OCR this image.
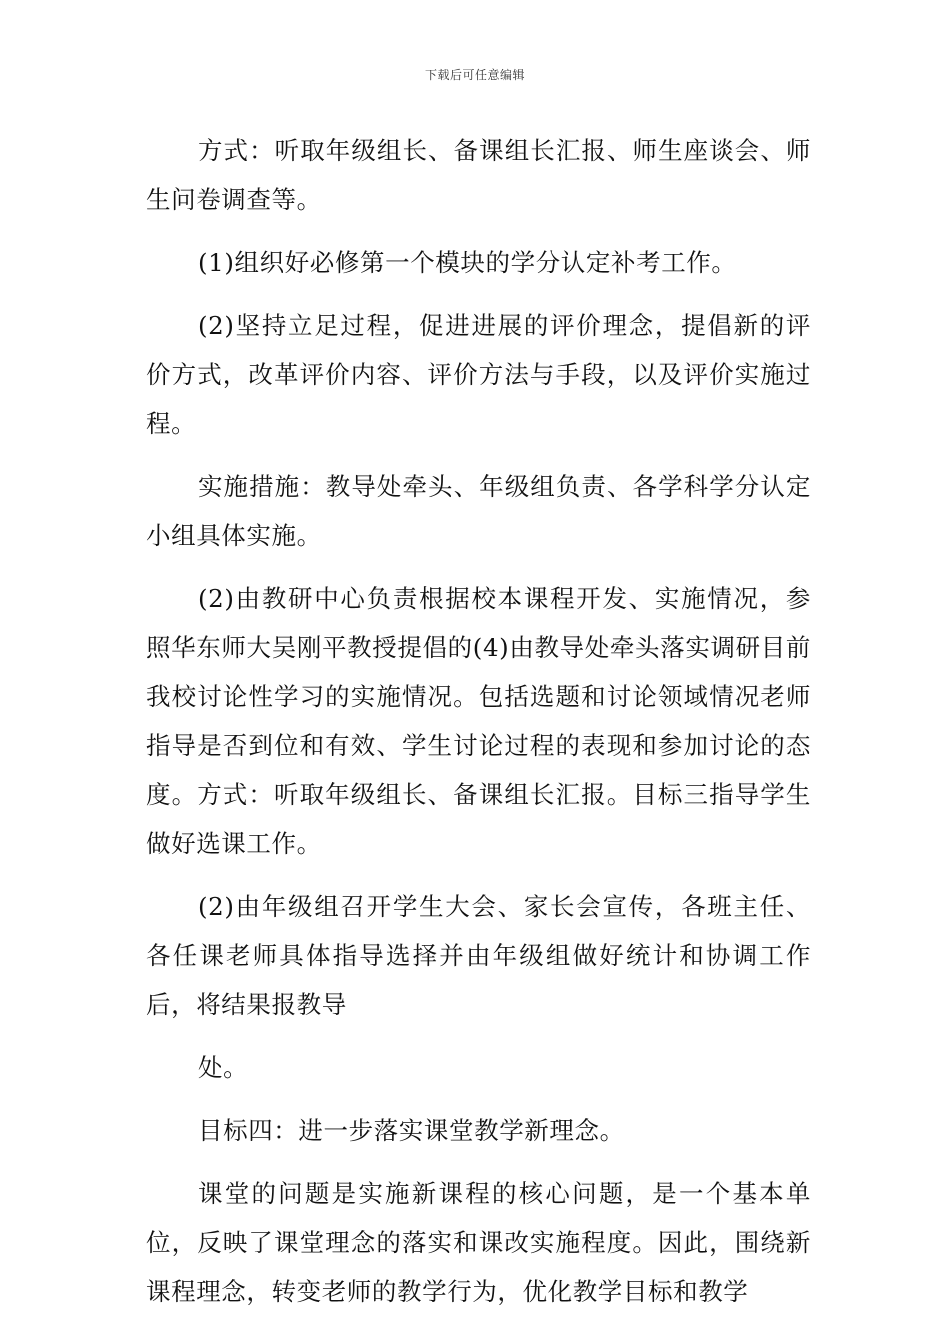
下载后可任意编辑

方式：听取年级组长、备课组长汇报、师生座谈会、师生问卷调查等。

(1)组织好必修第一个模块的学分认定补考工作。

(2)坚持立足过程，促进进展的评价理念，提倡新的评价方式，改革评价内容、评价方法与手段，以及评价实施过程。

实施措施：教导处牵头、年级组负责、各学科学分认定小组具体实施。

(2)由教研中心负责根据校本课程开发、实施情况，参照华东师大吴刚平教授提倡的(4)由教导处牵头落实调研目前我校讨论性学习的实施情况。包括选题和讨论领域情况老师指导是否到位和有效、学生讨论过程的表现和参加讨论的态度。方式：听取年级组长、备课组长汇报。目标三指导学生做好选课工作。

(2)由年级组召开学生大会、家长会宣传，各班主任、各任课老师具体指导选择并由年级组做好统计和协调工作后，将结果报教导

处。

目标四：进一步落实课堂教学新理念。

课堂的问题是实施新课程的核心问题，是一个基本单位，反映了课堂理念的落实和课改实施程度。因此，围绕新课程理念，转变老师的教学行为，优化教学目标和教学
